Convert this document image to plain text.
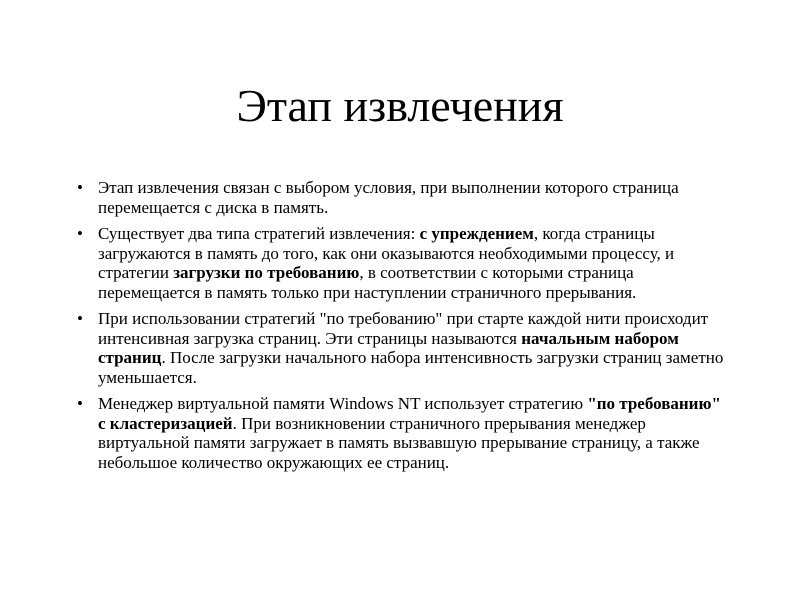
Этап извлечения
• Этап извлечения связан с выбором условия, при выполнении которого страница перемещается с диска в память.
• Существует два типа стратегий извлечения: с упреждением, когда страницы загружаются в память до того, как они оказываются необходимыми процессу, и стратегии загрузки по требованию, в соответствии с которыми страница перемещается в память только при наступлении страничного прерывания.
• При использовании стратегий "по требованию" при старте каждой нити происходит интенсивная загрузка страниц. Эти страницы называются начальным набором страниц. После загрузки начального набора интенсивность загрузки страниц заметно уменьшается.
• Менеджер виртуальной памяти Windows NT использует стратегию "по требованию" с кластеризацией. При возникновении страничного прерывания менеджер виртуальной памяти загружает в память вызвавшую прерывание страницу, а также небольшое количество окружающих ее страниц.
